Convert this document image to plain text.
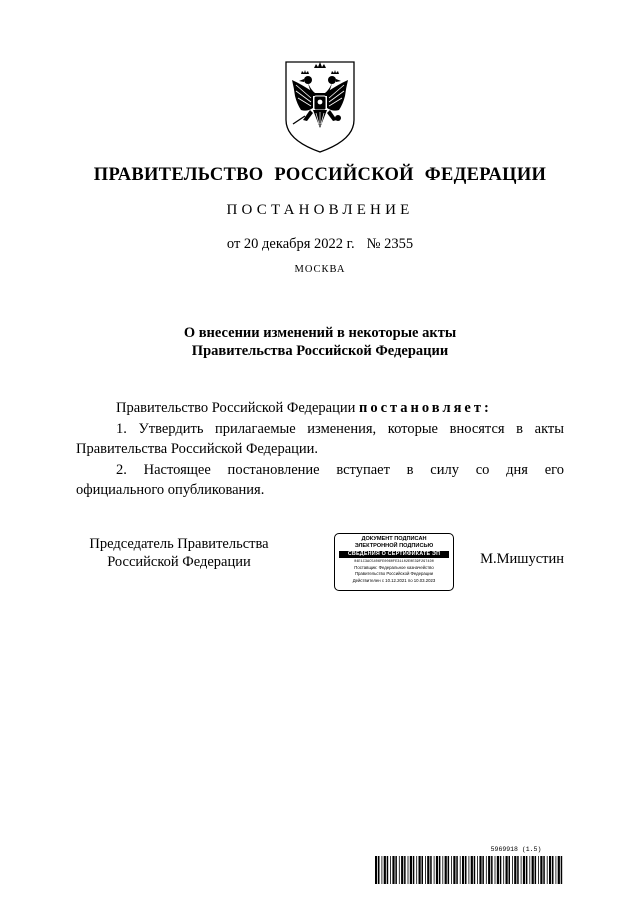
ПРАВИТЕЛЬСТВО РОССИЙСКОЙ ФЕДЕРАЦИИ
ПОСТАНОВЛЕНИЕ
от 20 декабря 2022 г. № 2355
МОСКВА
О внесении изменений в некоторые акты
Правительства Российской Федерации

Правительство Российской Федерации постановляет:

1. Утвердить прилагаемые изменения, которые вносятся в акты

Правительства Российской Федерации.

2. Настоящее постановление вступает в силу со дня его

официального опубликования.

Председатель Правительства
Российской Федерации
ДОКУМЕНТ ПОДПИСАН
ЭЛЕКТРОННОЙ ПОДПИСЬЮ
СВЕДЕНИЯ О СЕРТИФИКАТЕ ЭП
04E1C3AC5406FE0060FE31102E0E39F2974D0
Поставщик: Федеральное казначейство
Правительство Российской Федерации
Действителен с 10.12.2021 по 10.03.2023
М.Мишустин
5969918 (1.5)
